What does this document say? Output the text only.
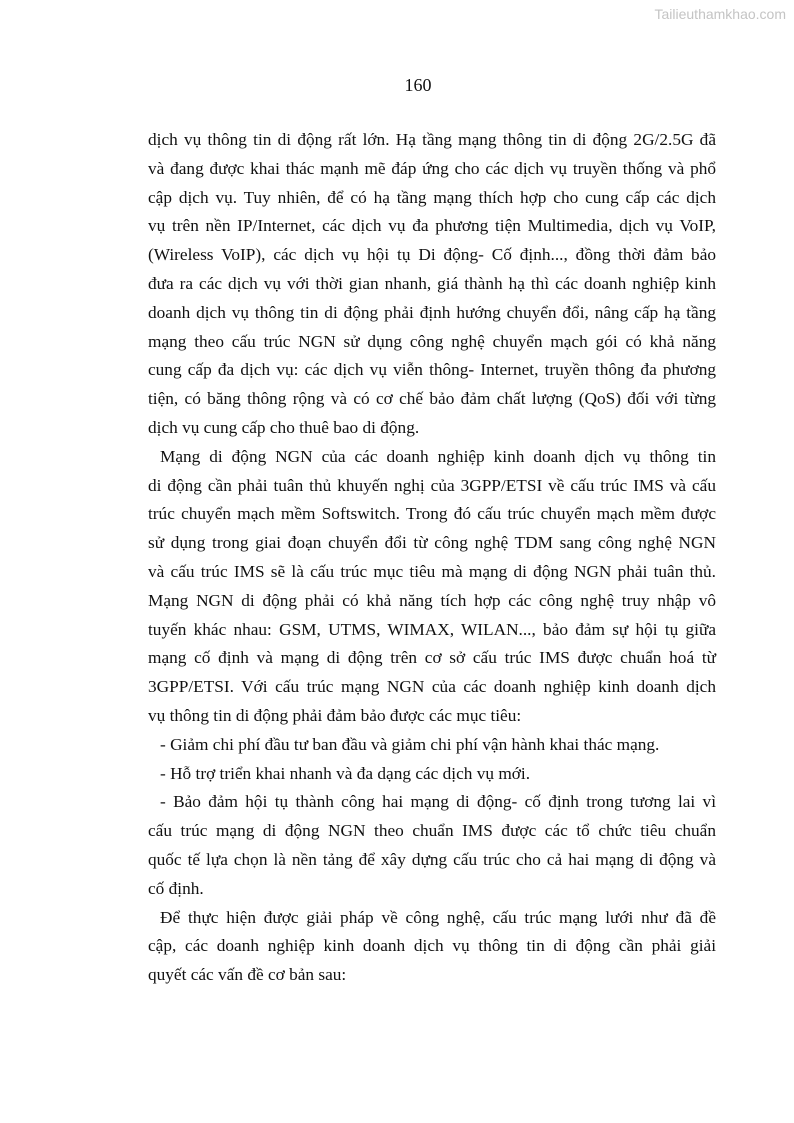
Tailieuthamkhao.com
160
dịch vụ thông tin di động rất lớn. Hạ tầng mạng thông tin di động 2G/2.5G đã
và đang được khai thác mạnh mẽ đáp ứng cho các dịch vụ truyền thống và phổ
cập dịch vụ. Tuy nhiên, để có hạ tầng mạng thích hợp cho cung cấp các dịch
vụ trên nền IP/Internet, các dịch vụ đa phương tiện Multimedia, dịch vụ VoIP,
(Wireless VoIP), các dịch vụ hội tụ Di động- Cố định..., đồng thời đảm bảo
đưa ra các dịch vụ với thời gian nhanh, giá thành hạ thì các doanh nghiệp kinh
doanh dịch vụ thông tin di động phải định hướng chuyển đổi, nâng cấp hạ tầng
mạng theo cấu trúc NGN sử dụng công nghệ chuyển mạch gói có khả năng
cung cấp đa dịch vụ: các dịch vụ viễn thông- Internet, truyền thông đa phương
tiện, có băng thông rộng và có cơ chế bảo đảm chất lượng (QoS) đối với từng
dịch vụ cung cấp cho thuê bao di động.
Mạng di động NGN của các doanh nghiệp kinh doanh dịch vụ thông tin
di động cần phải tuân thủ khuyến nghị của 3GPP/ETSI về cấu trúc IMS và cấu
trúc chuyển mạch mềm Softswitch. Trong đó cấu trúc chuyển mạch mềm được
sử dụng trong giai đoạn chuyển đổi từ công nghệ TDM sang công nghệ NGN
và cấu trúc IMS sẽ là cấu trúc mục tiêu mà mạng di động NGN phải tuân thủ.
Mạng NGN di động phải có khả năng tích hợp các công nghệ truy nhập vô
tuyến khác nhau: GSM, UTMS, WIMAX, WILAN..., bảo đảm sự hội tụ giữa
mạng cố định và mạng di động trên cơ sở cấu trúc IMS được chuẩn hoá từ
3GPP/ETSI. Với cấu trúc mạng NGN của các doanh nghiệp kinh doanh dịch
vụ thông tin di động phải đảm bảo được các mục tiêu:
- Giảm chi phí đầu tư ban đầu và giảm chi phí vận hành khai thác mạng.
- Hỗ trợ triển khai nhanh và đa dạng các dịch vụ mới.
- Bảo đảm hội tụ thành công hai mạng di động- cố định trong tương lai vì
cấu trúc mạng di động NGN theo chuẩn IMS được các tổ chức tiêu chuẩn
quốc tế lựa chọn là nền tảng để xây dựng cấu trúc cho cả hai mạng di động và
cố định.
Để thực hiện được giải pháp về công nghệ, cấu trúc mạng lưới như đã đề
cập, các doanh nghiệp kinh doanh dịch vụ thông tin di động cần phải giải
quyết các vấn đề cơ bản sau:
